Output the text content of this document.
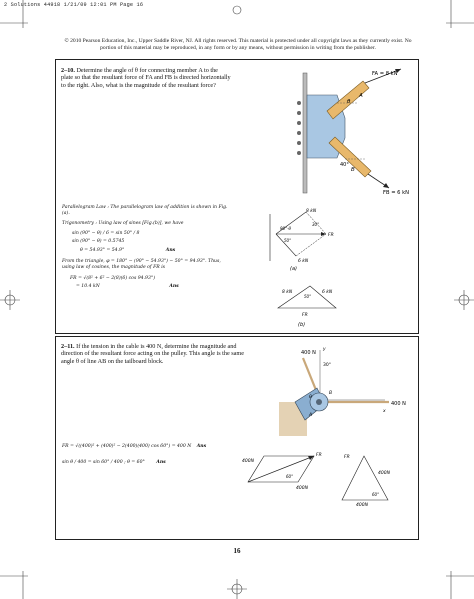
2 Solutions 44918 1/21/09 12:01 PM Page 16
© 2010 Pearson Education, Inc., Upper Saddle River, NJ. All rights reserved. This material is protected under all copyright laws as they currently exist. No portion of this material may be reproduced, in any form or by any means, without permission in writing from the publisher.
2–10. Determine the angle of θ for connecting member A to the plate so that the resultant force of FA and FB is directed horizontally to the right. Also, what is the magnitude of the resultant force?
FA = 8 kN
FB = 6 kN
A
B
θ
40°
Parallelogram Law : The parallelogram law of addition is shown in Fig. (a).
Trigonometry : Using law of sines [Fig.(b)], we have
sin (90° − θ) / 6 = sin 50° / 8
sin (90° − θ) = 0.5745
θ = 54.93° = 54.9°	Ans
From the triangle, φ = 180° − (90° − 54.93°) − 50° = 94.93°. Thus, using law of cosines, the magnitude of FR is
FR = √(8² + 6² − 2(8)(6) cos 94.93°)
= 10.4 kN	Ans
8 kN
6 kN
FR
30°
50°
90°-θ
(a)
8 kN	6 kN
FR
50°
(b)
2–11. If the tension in the cable is 400 N, determine the magnitude and direction of the resultant force acting on the pulley. This angle is the same angle θ of line AB on the tailboard block.
400 N
400 N
30°
x
y
A
B
θ
FR = √((400)² + (400)² − 2(400)(400) cos 60°) = 400 N Ans
sin θ / 400 = sin 60° / 400 ; θ = 60° Ans	400N
400N
60°
FR	FR
400N
400N
60°
16
